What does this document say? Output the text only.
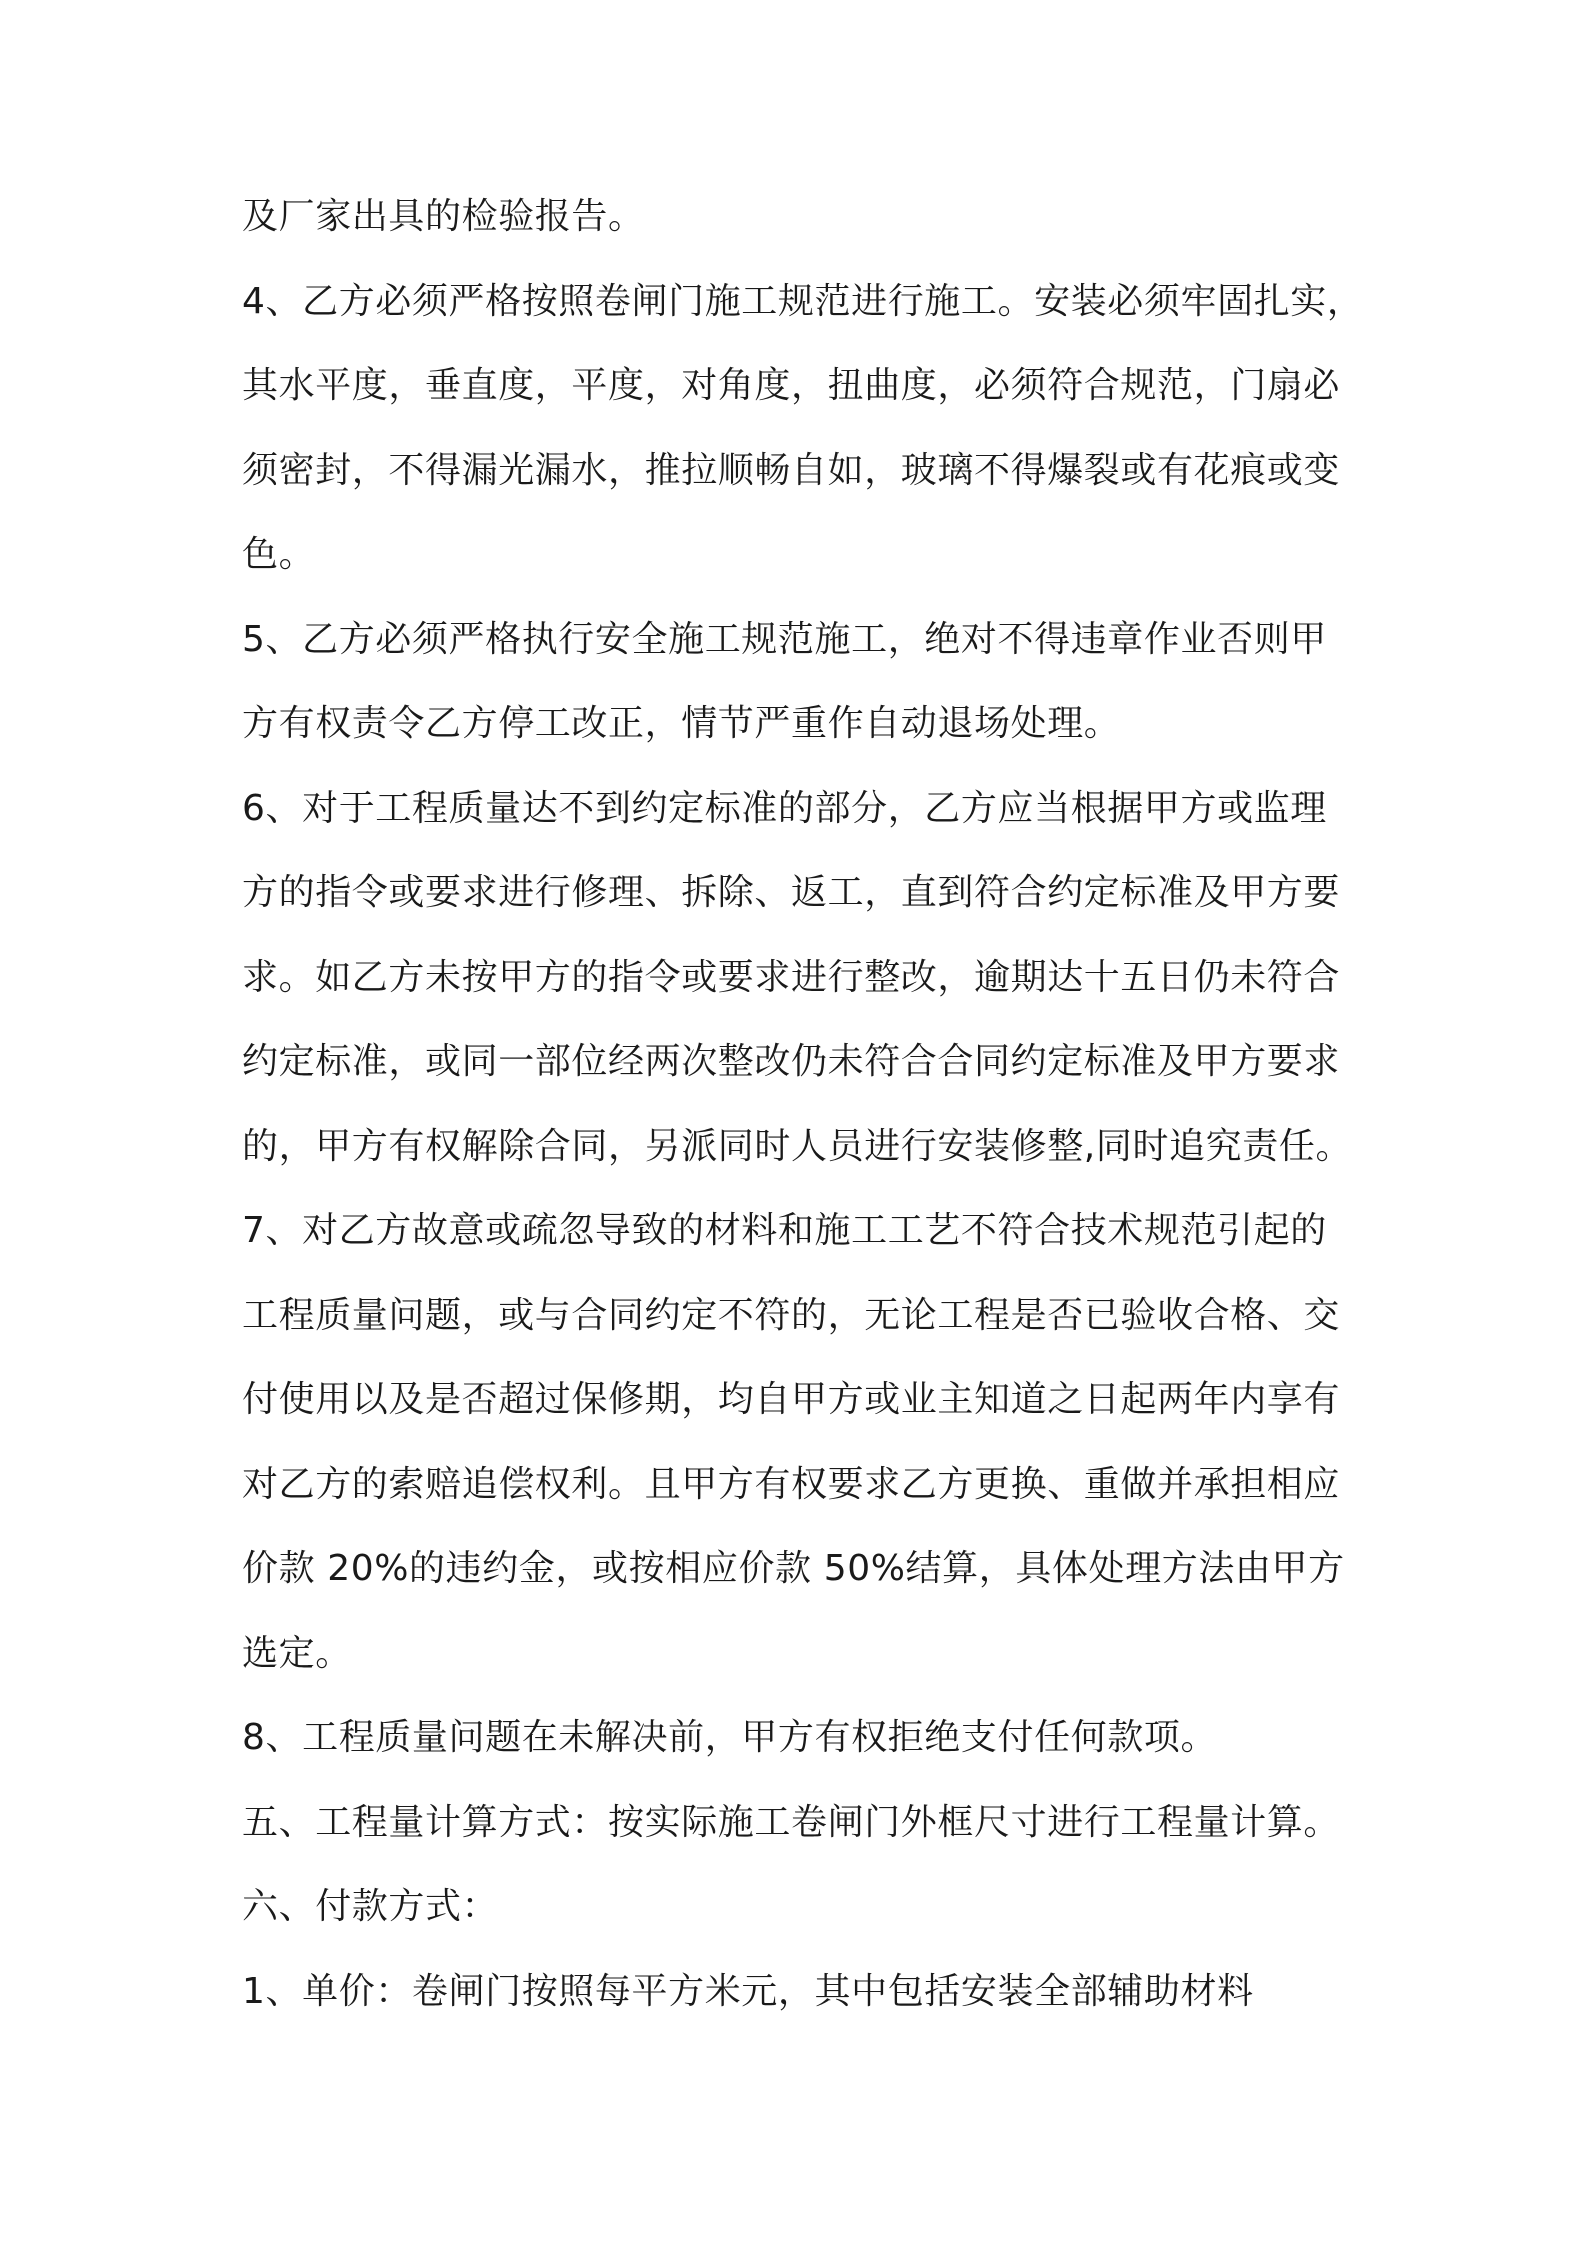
及厂家出具的检验报告。
4、乙方必须严格按照卷闸门施工规范进行施工。安装必须牢固扎实，
其水平度，垂直度，平度，对角度，扭曲度，必须符合规范，门扇必
须密封，不得漏光漏水，推拉顺畅自如，玻璃不得爆裂或有花痕或变
色。
5、乙方必须严格执行安全施工规范施工，绝对不得违章作业否则甲
方有权责令乙方停工改正，情节严重作自动退场处理。
6、对于工程质量达不到约定标准的部分，乙方应当根据甲方或监理
方的指令或要求进行修理、拆除、返工，直到符合约定标准及甲方要
求。如乙方未按甲方的指令或要求进行整改，逾期达十五日仍未符合
约定标准，或同一部位经两次整改仍未符合合同约定标准及甲方要求
的，甲方有权解除合同，另派同时人员进行安装修整,同时追究责任。
7、对乙方故意或疏忽导致的材料和施工工艺不符合技术规范引起的
工程质量问题，或与合同约定不符的，无论工程是否已验收合格、交
付使用以及是否超过保修期，均自甲方或业主知道之日起两年内享有
对乙方的索赔追偿权利。且甲方有权要求乙方更换、重做并承担相应
价款 20%的违约金，或按相应价款 50%结算，具体处理方法由甲方
选定。
8、工程质量问题在未解决前，甲方有权拒绝支付任何款项。
五、工程量计算方式：按实际施工卷闸门外框尺寸进行工程量计算。
六、付款方式：
1、单价：卷闸门按照每平方米元，其中包括安装全部辅助材料
